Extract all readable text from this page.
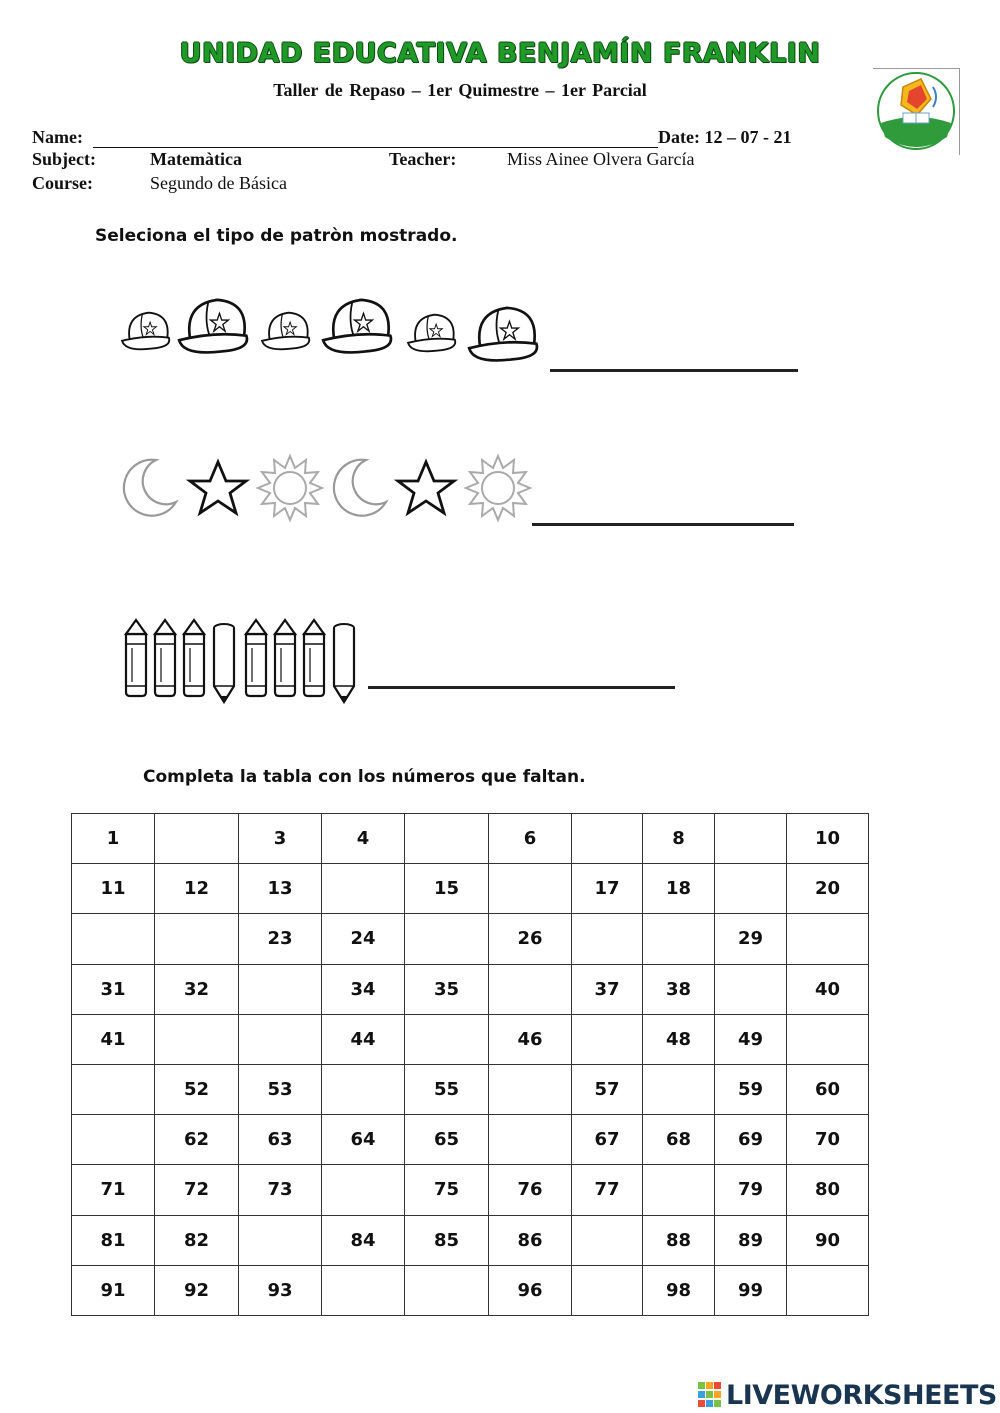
UNIDAD EDUCATIVA BENJAMÍN FRANKLIN
Taller de Repaso – 1er Quimestre – 1er Parcial
Name:	Date: 12 – 07 - 21
Subject:	Matemàtica	Teacher:	Miss Ainee Olvera García
Course:	Segundo de Básica
Seleciona el tipo de patròn mostrado.
Completa la tabla con los números que faltan.
1		3	4		6		8		10
11	12	13		15		17	18		20
		23	24		26			29	
31	32		34	35		37	38		40
41			44		46		48	49	
	52	53		55		57		59	60
	62	63	64	65		67	68	69	70
71	72	73		75	76	77		79	80
81	82		84	85	86		88	89	90
91	92	93			96		98	99	
LIVEWORKSHEETS
